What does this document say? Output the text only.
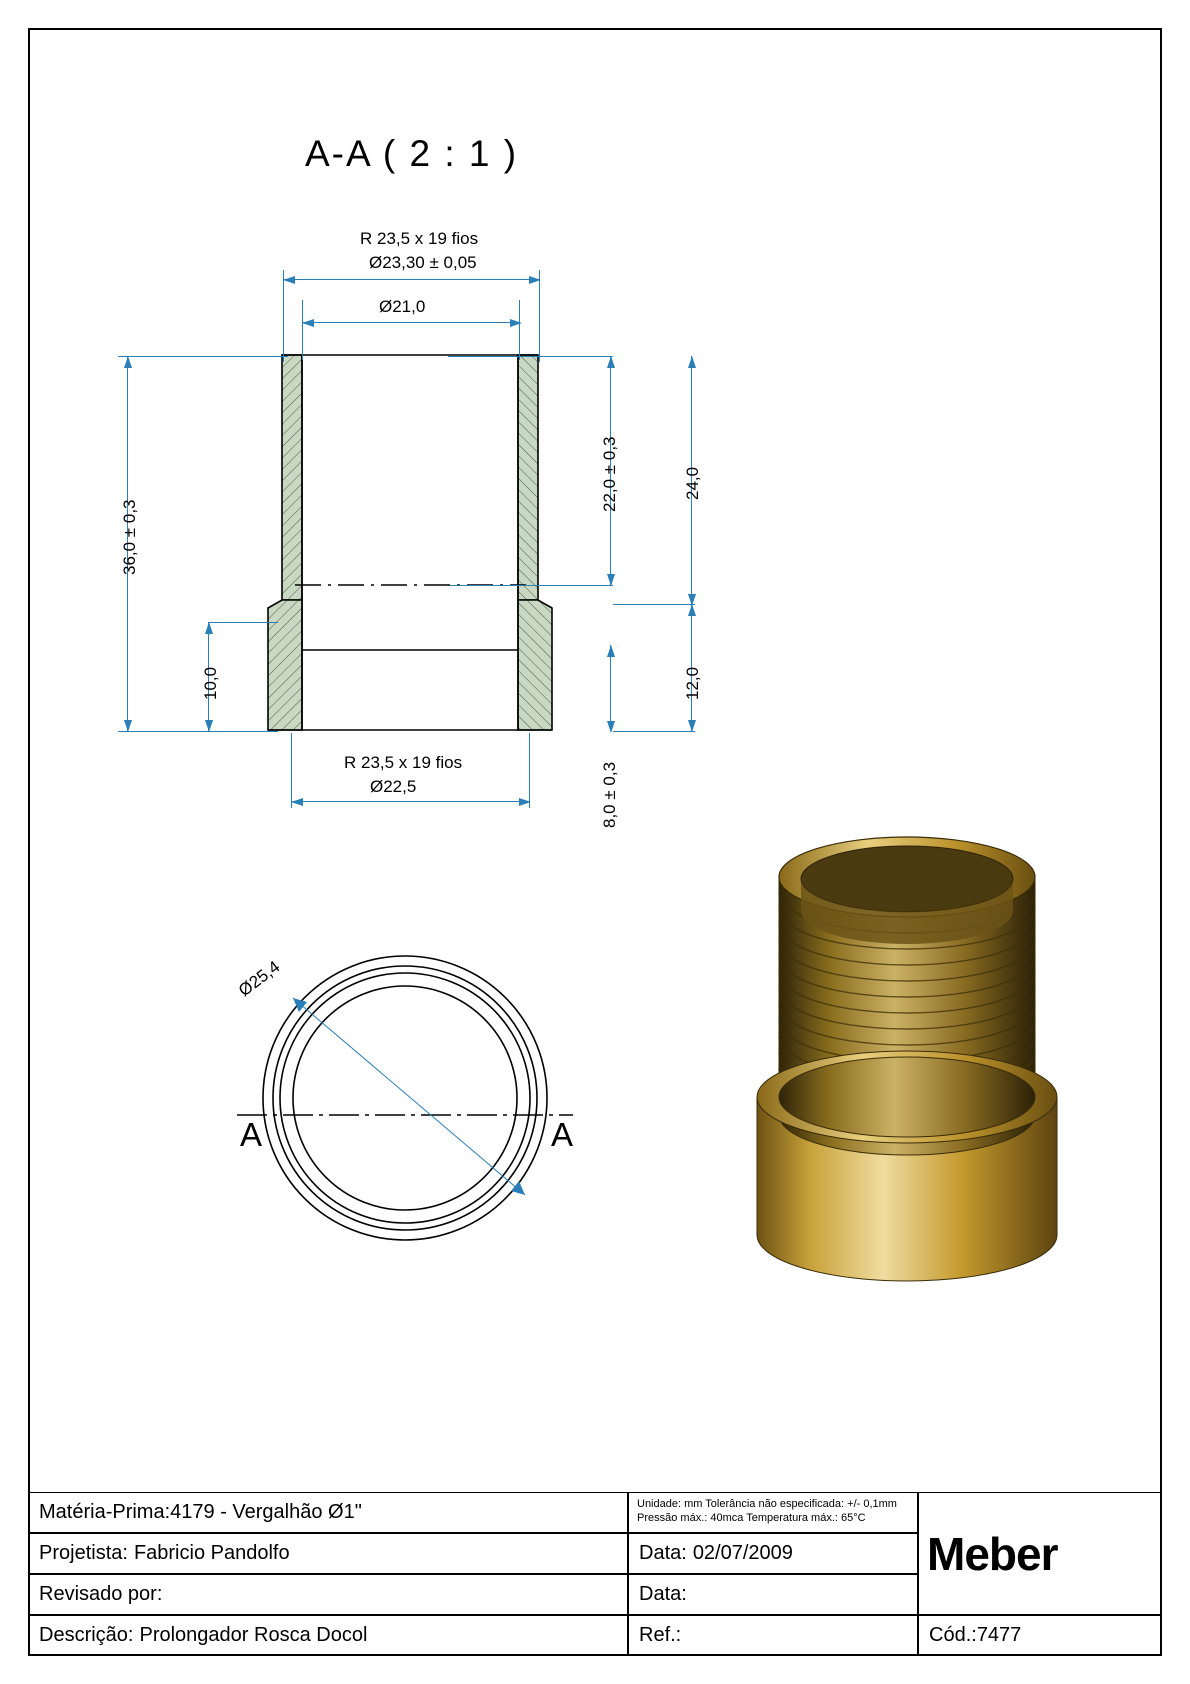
A-A ( 2 : 1 )
R 23,5 x 19 fios
Ø23,30 ± 0,05
Ø21,0
36,0 ± 0,3
10,0
22,0 ± 0,3	24,0
12,0
8,0 ± 0,3
R 23,5 x 19 fios
Ø22,5
Ø25,4
A	A
Matéria-Prima: 4179 - Vergalhão Ø1"	Unidade: mm Tolerância não especificada: +/- 0,1mm
Pressão máx.: 40mca Temperatura máx.: 65°C
Meber
Projetista: Fabricio Pandolfo	Data: 02/07/2009
Revisado por:	Data:
Descrição: Prolongador Rosca Docol	Ref.:	Cód.: 7477
